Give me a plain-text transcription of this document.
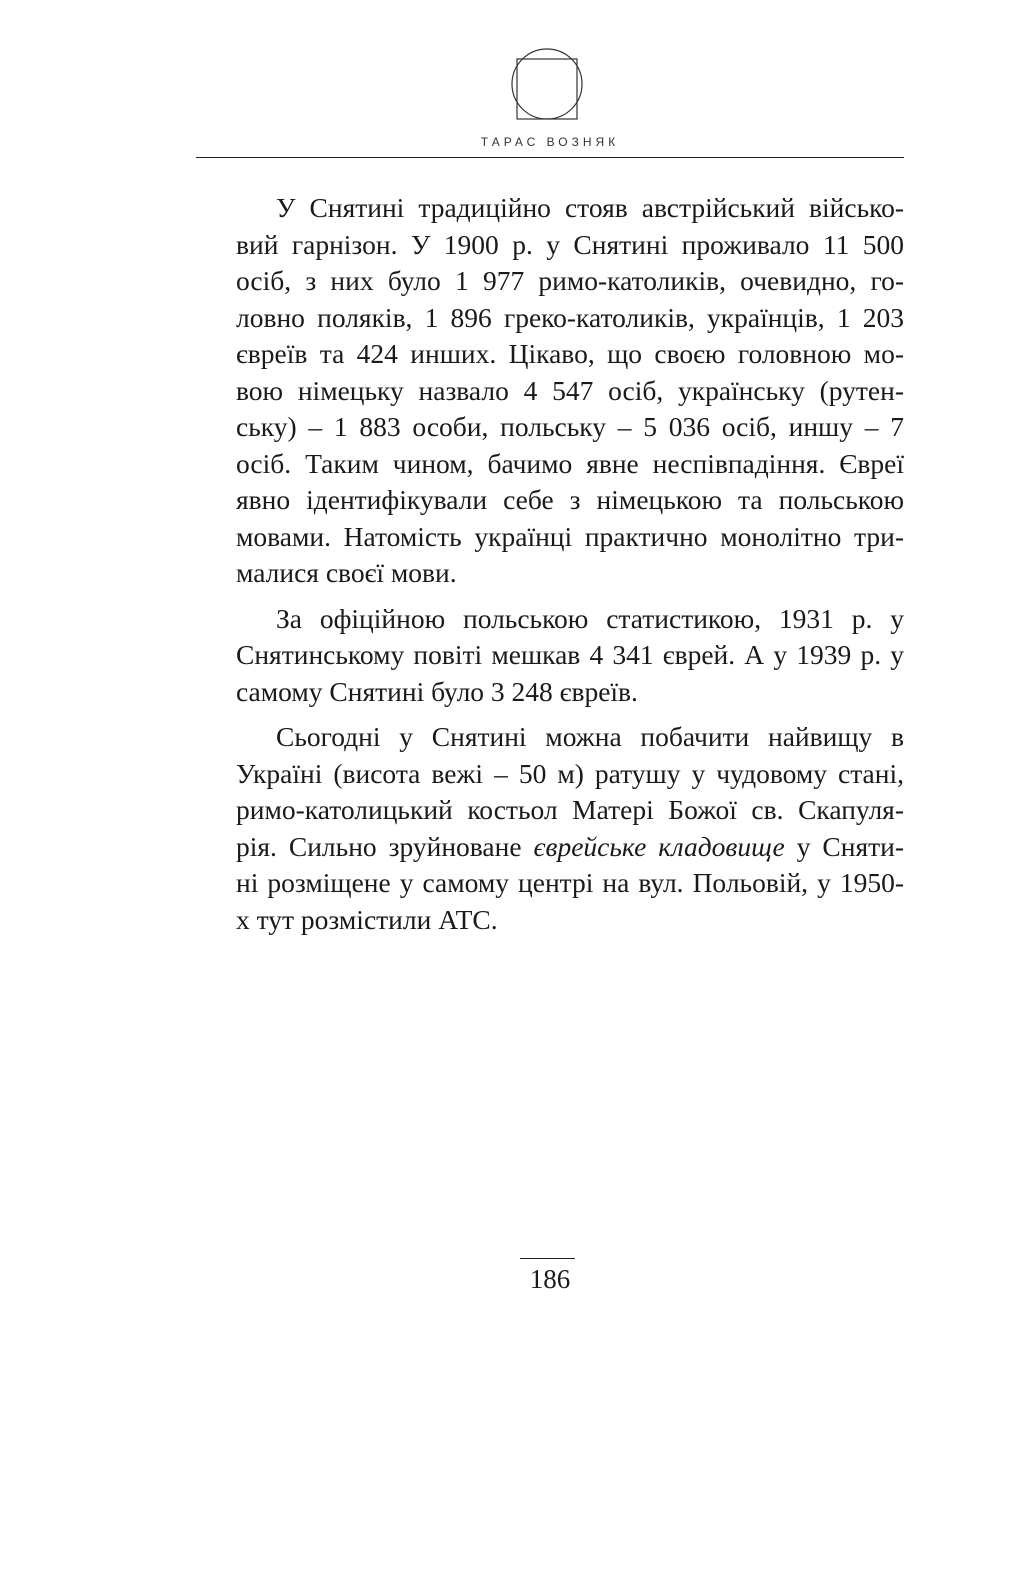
ТАРАС ВОЗНЯК

У Снятині традиційно стояв австрійський військо-
вий гарнізон. У 1900 р. у Снятині проживало 11 500
осіб, з них було 1 977 римо-католиків, очевидно, го-
ловно поляків, 1 896 греко-католиків, українців, 1 203
євреїв та 424 инших. Цікаво, що своєю головною мо-
вою німецьку назвало 4 547 осіб, українську (рутен-
ську) – 1 883 особи, польську – 5 036 осіб, иншу – 7
осіб. Таким чином, бачимо явне неспівпадіння. Євреї
явно ідентифікували себе з німецькою та польською
мовами. Натомість українці практично монолітно три-
малися своєї мови.

За офіційною польською статистикою, 1931 р. у
Снятинському повіті мешкав 4 341 єврей. А у 1939 р. у
самому Снятині було 3 248 євреїв.

Сьогодні у Снятині можна побачити найвищу в
Україні (висота вежі – 50 м) ратушу у чудовому стані,
римо-католицький костьол Матері Божої св. Скапуля-
рія. Сильно зруйноване єврейське кладовище у Сняти-
ні розміщене у самому центрі на вул. Польовій, у 1950-
х тут розмістили АТС.

186
